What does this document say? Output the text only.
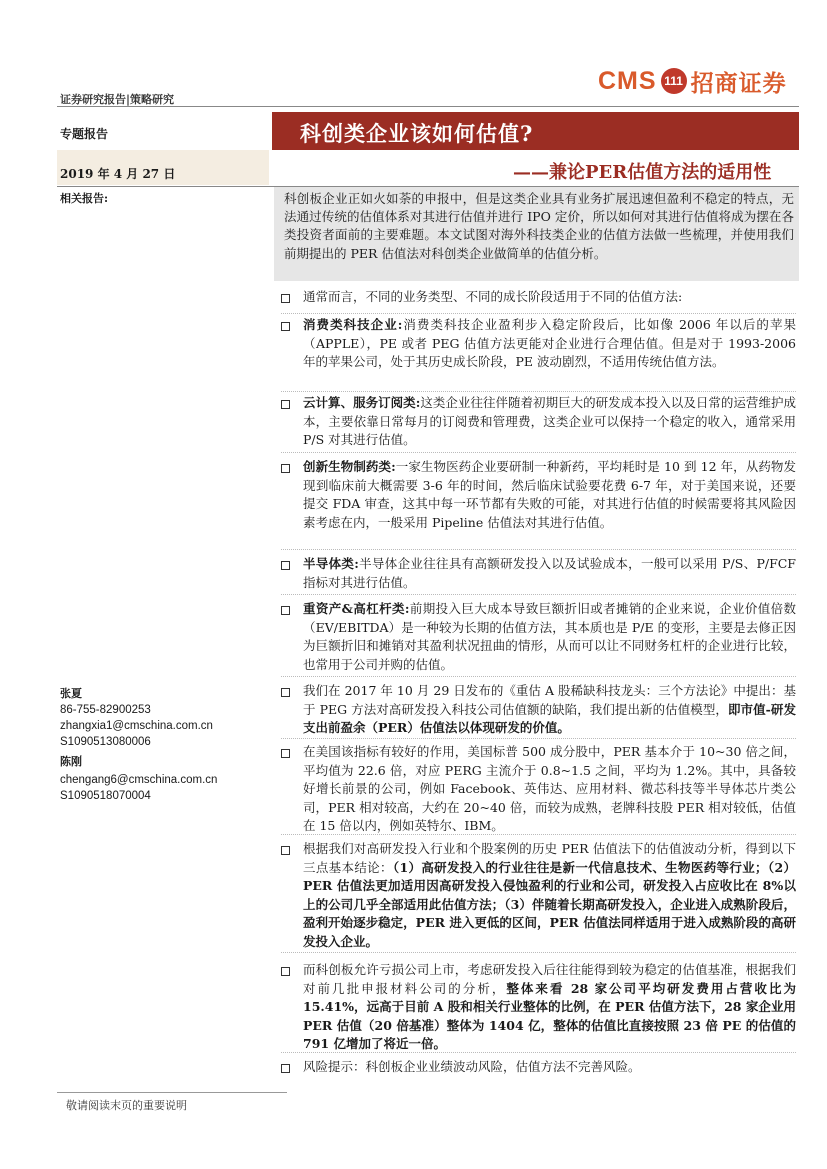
证券研究报告|策略研究
CMS 111 招商证券
专题报告	科创类企业该如何估值?
2019 年 4 月 27 日	——兼论PER估值方法的适用性
相关报告:	科创板企业正如火如荼的申报中，但是这类企业具有业务扩展迅速但盈利不稳定的特点，无法通过传统的估值体系对其进行估值并进行 IPO 定价，所以如何对其进行估值将成为摆在各类投资者面前的主要难题。本文试图对海外科技类企业的估值方法做一些梳理，并使用我们前期提出的 PER 估值法对科创类企业做简单的估值分析。
通常而言，不同的业务类型、不同的成长阶段适用于不同的估值方法:
消费类科技企业:消费类科技企业盈利步入稳定阶段后，比如像 2006 年以后的苹果（APPLE），PE 或者 PEG 估值方法更能对企业进行合理估值。但是对于 1993-2006 年的苹果公司，处于其历史成长阶段，PE 波动剧烈，不适用传统估值方法。
云计算、服务订阅类:这类企业往往伴随着初期巨大的研发成本投入以及日常的运营维护成本，主要依靠日常每月的订阅费和管理费，这类企业可以保持一个稳定的收入，通常采用 P/S 对其进行估值。
创新生物制药类:一家生物医药企业要研制一种新药，平均耗时是 10 到 12 年，从药物发现到临床前大概需要 3-6 年的时间，然后临床试验要花费 6-7 年，对于美国来说，还要提交 FDA 审查，这其中每一环节都有失败的可能，对其进行估值的时候需要将其风险因素考虑在内，一般采用 Pipeline 估值法对其进行估值。
半导体类:半导体企业往往具有高额研发投入以及试验成本，一般可以采用 P/S、P/FCF 指标对其进行估值。
重资产&高杠杆类:前期投入巨大成本导致巨额折旧或者摊销的企业来说，企业价值倍数（EV/EBITDA）是一种较为长期的估值方法，其本质也是 P/E 的变形，主要是去修正因为巨额折旧和摊销对其盈利状况扭曲的情形，从而可以让不同财务杠杆的企业进行比较，也常用于公司并购的估值。
我们在 2017 年 10 月 29 日发布的《重估 A 股稀缺科技龙头：三个方法论》中提出：基于 PEG 方法对高研发投入科技公司估值额的缺陷，我们提出新的估值模型，即市值-研发支出前盈余（PER）估值法以体现研发的价值。
在美国该指标有较好的作用，美国标普 500 成分股中，PER 基本介于 10~30 倍之间，平均值为 22.6 倍，对应 PERG 主流介于 0.8~1.5 之间，平均为 1.2%。其中，具备较好增长前景的公司，例如 Facebook、英伟达、应用材料、微芯科技等半导体芯片类公司，PER 相对较高，大约在 20~40 倍，而较为成熟，老牌科技股 PER 相对较低，估值在 15 倍以内，例如英特尔、IBM。
根据我们对高研发投入行业和个股案例的历史 PER 估值法下的估值波动分析，得到以下三点基本结论：（1）高研发投入的行业往往是新一代信息技术、生物医药等行业；（2）PER 估值法更加适用因高研发投入侵蚀盈利的行业和公司，研发投入占应收比在 8%以上的公司几乎全部适用此估值方法；（3）伴随着长期高研发投入，企业进入成熟阶段后，盈利开始逐步稳定，PER 进入更低的区间，PER 估值法同样适用于进入成熟阶段的高研发投入企业。
而科创板允许亏损公司上市，考虑研发投入后往往能得到较为稳定的估值基准，根据我们对前几批申报材料公司的分析，整体来看 28 家公司平均研发费用占营收比为 15.41%，远高于目前 A 股和相关行业整体的比例，在 PER 估值方法下，28 家企业用 PER 估值（20 倍基准）整体为 1404 亿，整体的估值比直接按照 23 倍 PE 的估值的 791 亿增加了将近一倍。
风险提示：科创板企业业绩波动风险，估值方法不完善风险。
张夏
86-755-82900253
zhangxia1@cmschina.com.cn
S1090513080006
陈刚
chengang6@cmschina.com.cn
S1090518070004
敬请阅读末页的重要说明
